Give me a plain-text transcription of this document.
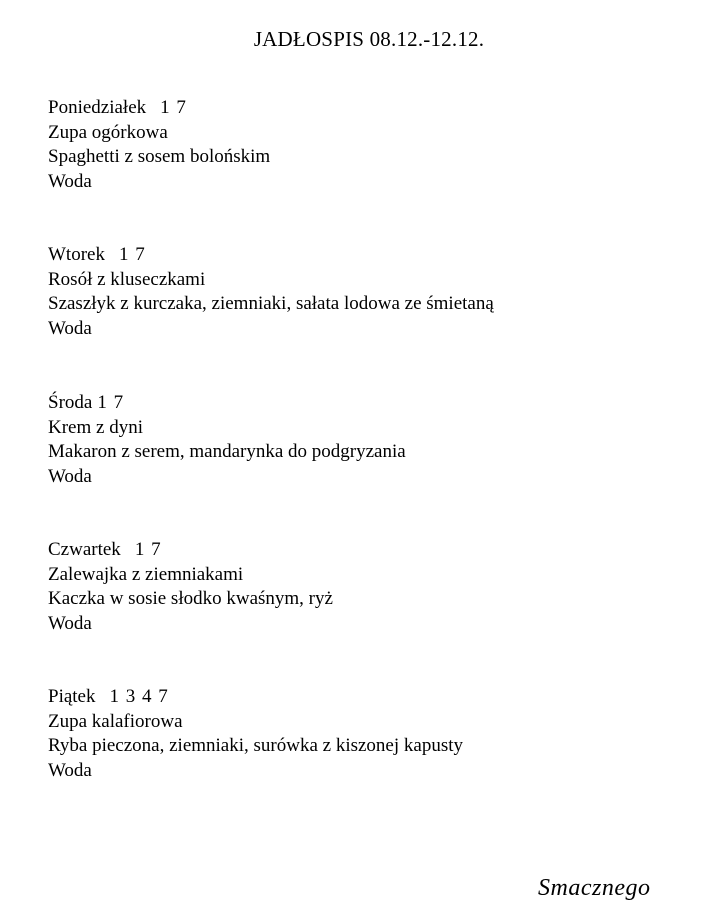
JADŁOSPIS 08.12.-12.12.
Poniedziałek 1 7
Zupa ogórkowa
Spaghetti z sosem bolońskim
Woda
Wtorek 1 7
Rosół z kluseczkami
Szaszłyk z kurczaka, ziemniaki, sałata lodowa ze śmietaną
Woda
Środa 1 7
Krem z dyni
Makaron z serem, mandarynka do podgryzania
Woda
Czwartek 1 7
Zalewajka z ziemniakami
Kaczka w sosie słodko kwaśnym, ryż
Woda
Piątek 1 3 4 7
Zupa kalafiorowa
Ryba pieczona, ziemniaki, surówka z kiszonej kapusty
Woda
Smacznego
